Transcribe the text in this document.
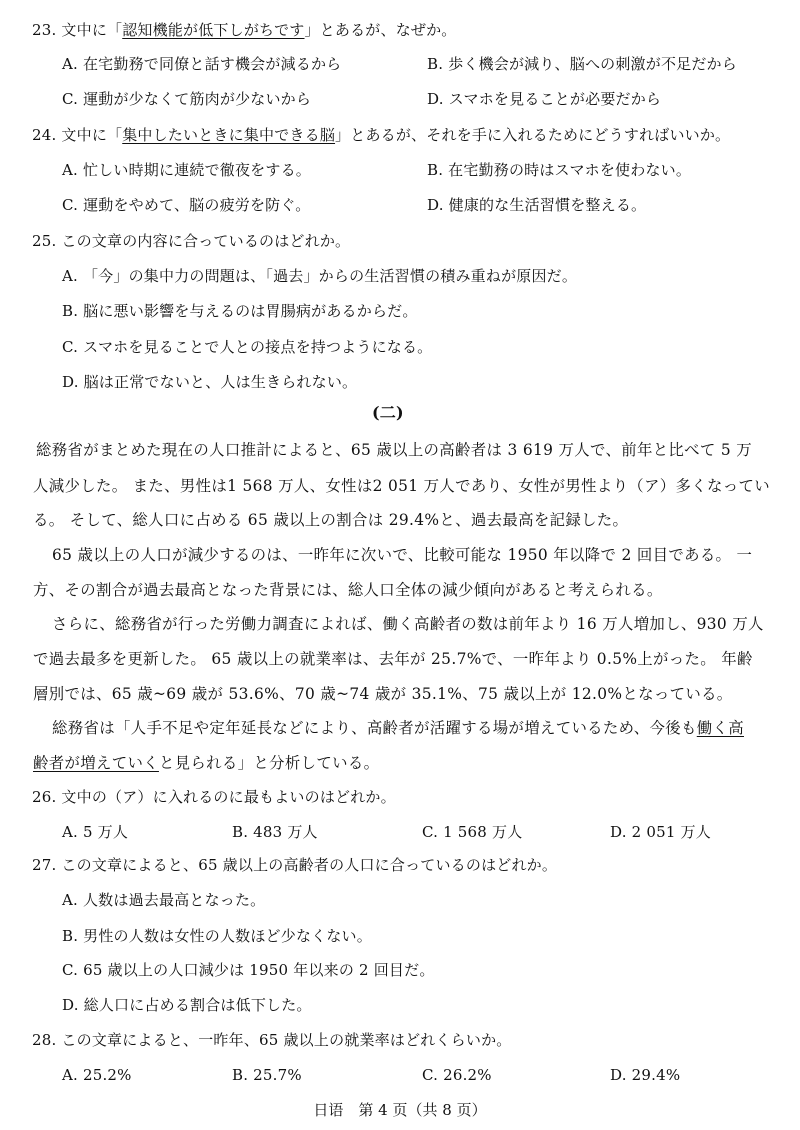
23. 文中に「認知機能が低下しがちです」とあるが、なぜか。
A. 在宅勤務で同僚と話す機会が減るから	B. 歩く機会が減り、脳への刺激が不足だから
C. 運動が少なくて筋肉が少ないから	D. スマホを見ることが必要だから
24. 文中に「集中したいときに集中できる脳」とあるが、それを手に入れるためにどうすればいいか。
A. 忙しい時期に連続で徹夜をする。	B. 在宅勤務の時はスマホを使わない。
C. 運動をやめて、脳の疲労を防ぐ。	D. 健康的な生活習慣を整える。
25. この文章の内容に合っているのはどれか。
A. 「今」の集中力の問題は、「過去」からの生活習慣の積み重ねが原因だ。
B. 脳に悪い影響を与えるのは胃腸病があるからだ。
C. スマホを見ることで人との接点を持つようになる。
D. 脳は正常でないと、人は生きられない。
(二)
総務省がまとめた現在の人口推計によると、65 歳以上の高齢者は 3 619 万人で、前年と比べて 5 万
人減少した。 また、男性は1 568 万人、女性は2 051 万人であり、女性が男性より（ア）多くなってい
る。 そして、総人口に占める 65 歳以上の割合は 29.4%と、過去最高を記録した。
65 歳以上の人口が減少するのは、一昨年に次いで、比較可能な 1950 年以降で 2 回目である。 一
方、その割合が過去最高となった背景には、総人口全体の減少傾向があると考えられる。
さらに、総務省が行った労働力調査によれば、働く高齢者の数は前年より 16 万人増加し、930 万人
で過去最多を更新した。 65 歳以上の就業率は、去年が 25.7%で、一昨年より 0.5%上がった。 年齢
層別では、65 歳~69 歳が 53.6%、70 歳~74 歳が 35.1%、75 歳以上が 12.0%となっている。
総務省は「人手不足や定年延長などにより、高齢者が活躍する場が増えているため、今後も働く高
齢者が増えていくと見られる」と分析している。
26. 文中の（ア）に入れるのに最もよいのはどれか。
A. 5 万人	B. 483 万人	C. 1 568 万人	D. 2 051 万人
27. この文章によると、65 歳以上の高齢者の人口に合っているのはどれか。
A. 人数は過去最高となった。
B. 男性の人数は女性の人数ほど少なくない。
C. 65 歳以上の人口減少は 1950 年以来の 2 回目だ。
D. 総人口に占める割合は低下した。
28. この文章によると、一昨年、65 歳以上の就業率はどれくらいか。
A. 25.2%	B. 25.7%	C. 26.2%	D. 29.4%
日语　第 4 页（共 8 页）
